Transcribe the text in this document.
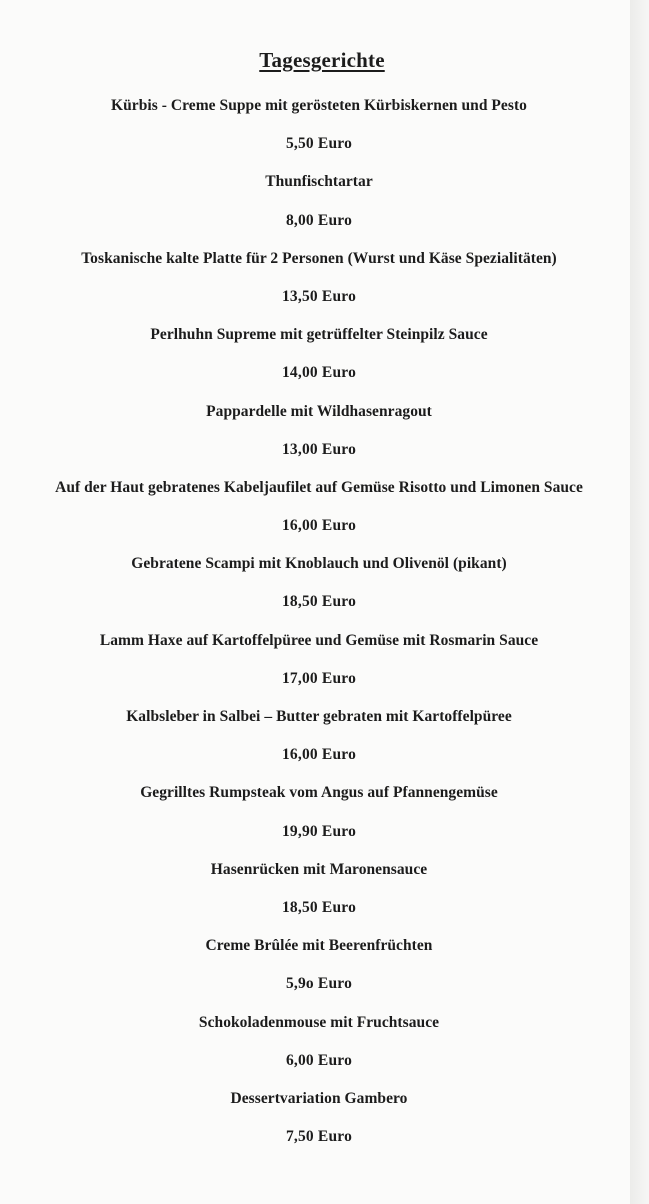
Tagesgerichte
Kürbis - Creme Suppe mit gerösteten Kürbiskernen und Pesto
5,50 Euro
Thunfischtartar
8,00 Euro
Toskanische kalte Platte für 2 Personen (Wurst und Käse Spezialitäten)
13,50 Euro
Perlhuhn Supreme mit getrüffelter Steinpilz Sauce
14,00 Euro
Pappardelle mit Wildhasenragout
13,00 Euro
Auf der Haut gebratenes Kabeljaufilet auf Gemüse Risotto und Limonen Sauce
16,00 Euro
Gebratene Scampi mit Knoblauch und Olivenöl (pikant)
18,50 Euro
Lamm Haxe auf Kartoffelpüree und Gemüse mit Rosmarin Sauce
17,00 Euro
Kalbsleber in Salbei – Butter gebraten mit Kartoffelpüree
16,00 Euro
Gegrilltes Rumpsteak vom Angus auf Pfannengemüse
19,90 Euro
Hasenrücken mit Maronensauce
18,50 Euro
Creme Brûlée mit Beerenfrüchten
5,9o Euro
Schokoladenmouse mit Fruchtsauce
6,00 Euro
Dessertvariation Gambero
7,50 Euro
